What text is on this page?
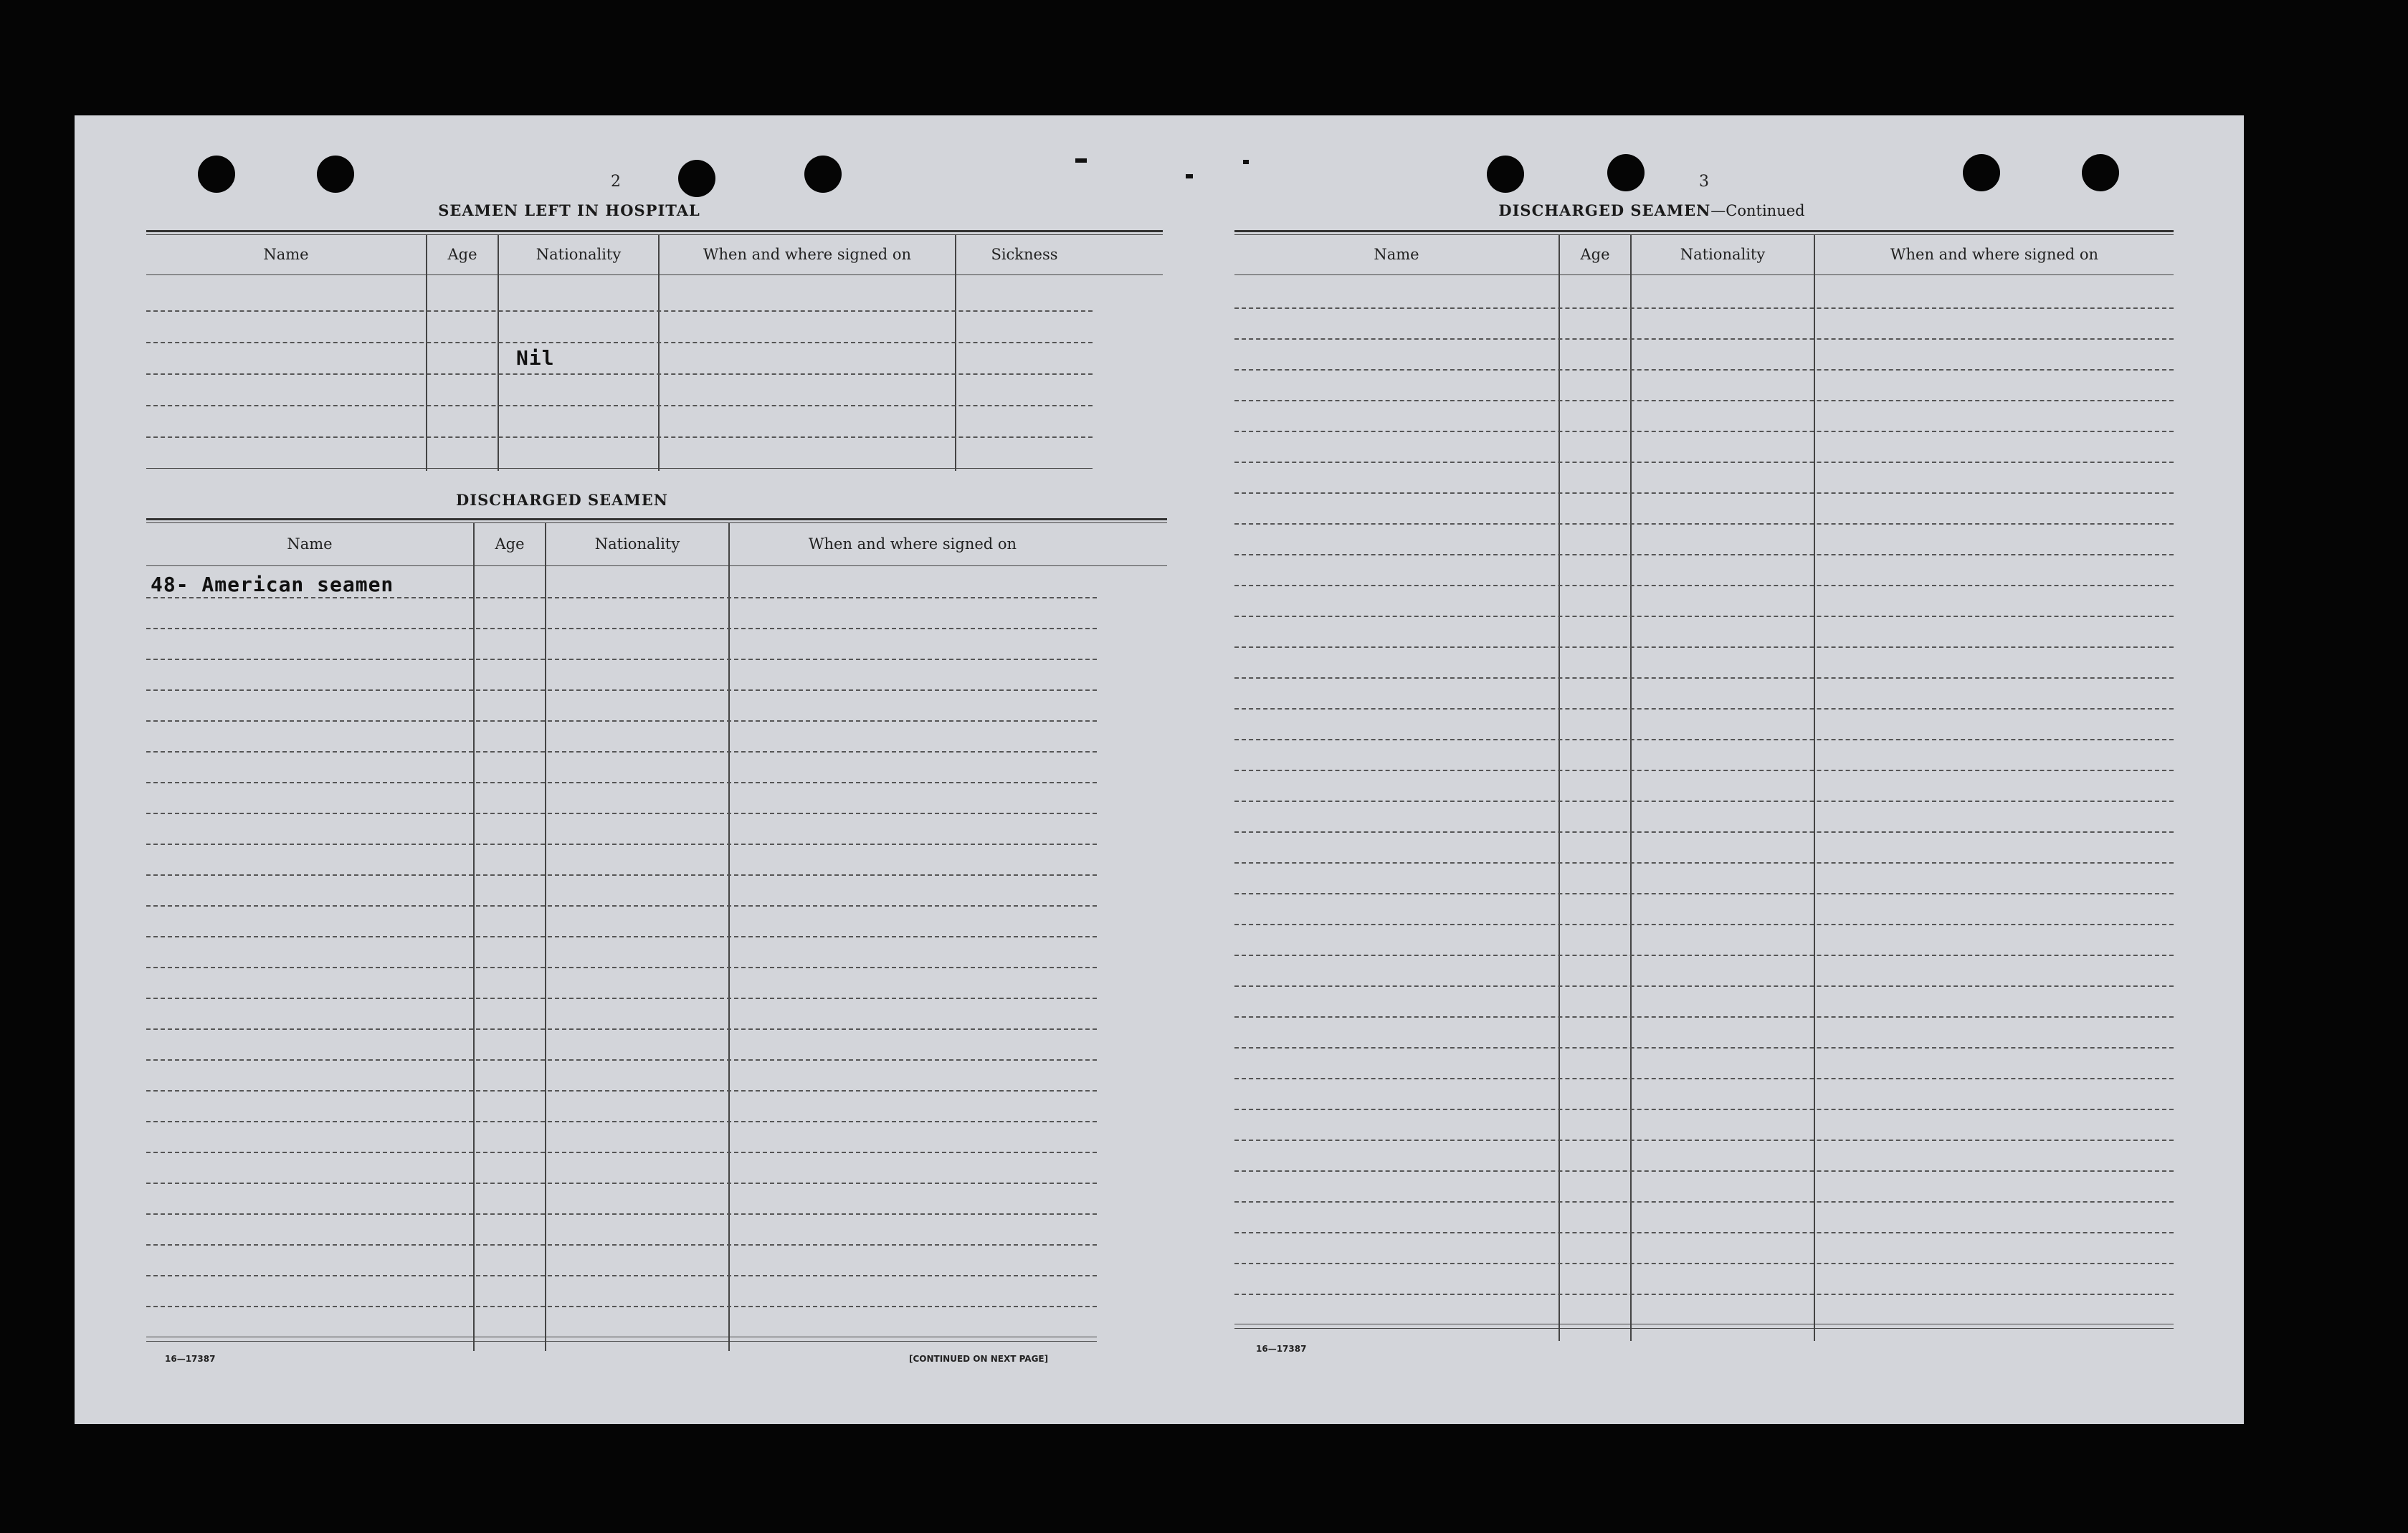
2
SEAMEN LEFT IN HOSPITAL
Name	Age	Nationality	When and where signed on	Sickness
Nil
DISCHARGED SEAMEN
Name	Age	Nationality	When and where signed on
48- American seamen
16—17387	[CONTINUED ON NEXT PAGE]
3
DISCHARGED SEAMEN—Continued
Name	Age	Nationality	When and where signed on
16—17387
